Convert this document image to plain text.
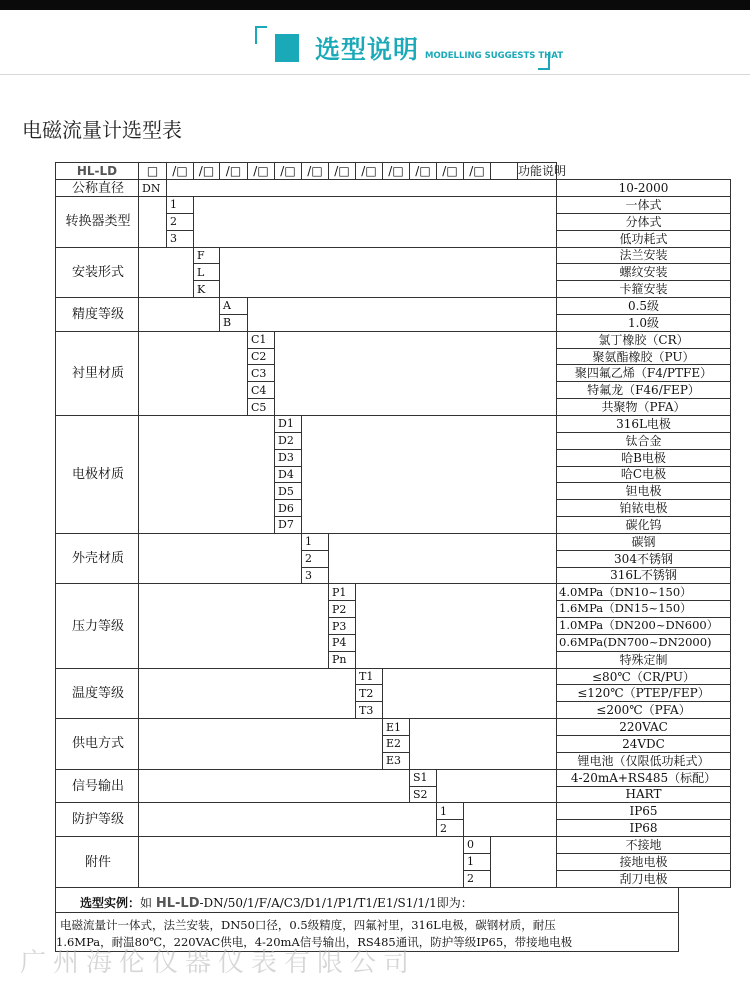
选型说明 MODELLING SUGGESTS THAT
电磁流量计选型表
HL-LD	□	/□	/□	/□	/□	/□	/□	/□	/□	/□	/□	/□	/□		功能说明	
公称直径	DN															10-2000
转换器类型		1														一体式
		2														分体式
		3														低功耗式
安装形式			F													法兰安装
			L													螺纹安装
			K													卡箍安装
精度等级				A												0.5级
				B												1.0级
衬里材质					C1											氯丁橡胶（CR）
					C2											聚氨酯橡胶（PU）
					C3											聚四氟乙烯（F4/PTFE）
					C4											特氟龙（F46/FEP）
					C5											共聚物（PFA）
电极材质						D1										316L电极
						D2										钛合金
						D3										哈B电极
						D4										哈C电极
						D5										钽电极
						D6										铂铱电极
						D7										碳化钨
外壳材质							1									碳钢
							2									304不锈钢
							3									316L不锈钢
压力等级								P1								4.0MPa（DN10~150）
								P2								1.6MPa（DN15~150）
								P3								1.0MPa（DN200~DN600）
								P4								0.6MPa(DN700~DN2000)
								Pn								特殊定制
温度等级									T1							≤80℃（CR/PU）
									T2							≤120℃（PTEP/FEP）
									T3							≤200℃（PFA）
供电方式										E1						220VAC
										E2						24VDC
										E3						锂电池（仅限低功耗式）
信号输出											S1					4-20mA+RS485（标配）
											S2					HART
防护等级												1				IP65
												2				IP68
附件													0			不接地
													1			接地电极
													2			刮刀电极
选型实例：如 HL-LD-DN/50/1/F/A/C3/D1/1/P1/T1/E1/S1/1/1即为：
电磁流量计一体式，法兰安装，DN50口径，0.5级精度，四氟衬里，316L电极，碳钢材质，耐压
1.6MPa，耐温80℃，220VAC供电，4-20mA信号输出，RS485通讯，防护等级IP65，带接地电极
广州海伦仪器仪表有限公司
